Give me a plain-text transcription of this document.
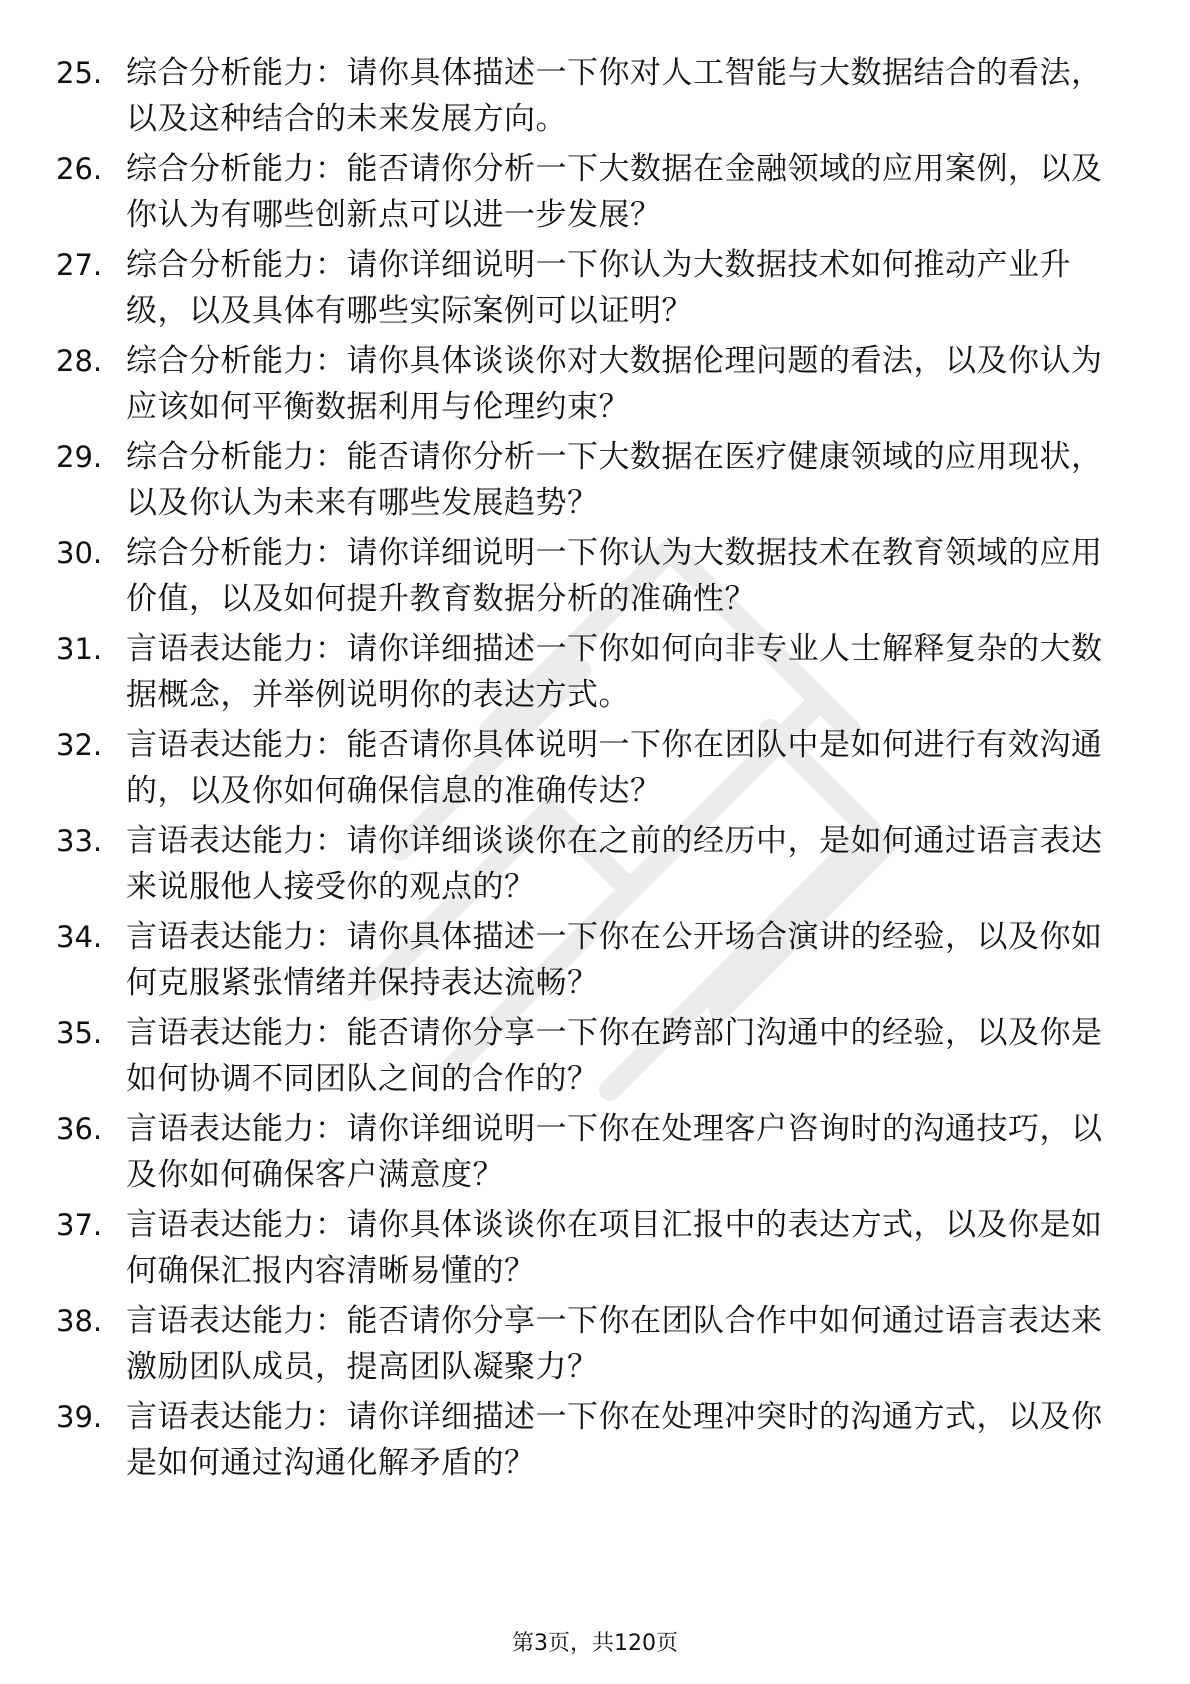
25. 综合分析能力：请你具体描述一下你对人工智能与大数据结合的看法，以及这种结合的未来发展方向。
26. 综合分析能力：能否请你分析一下大数据在金融领域的应用案例，以及你认为有哪些创新点可以进一步发展？
27. 综合分析能力：请你详细说明一下你认为大数据技术如何推动产业升级，以及具体有哪些实际案例可以证明？
28. 综合分析能力：请你具体谈谈你对大数据伦理问题的看法，以及你认为应该如何平衡数据利用与伦理约束？
29. 综合分析能力：能否请你分析一下大数据在医疗健康领域的应用现状，以及你认为未来有哪些发展趋势？
30. 综合分析能力：请你详细说明一下你认为大数据技术在教育领域的应用价值，以及如何提升教育数据分析的准确性？
31. 言语表达能力：请你详细描述一下你如何向非专业人士解释复杂的大数据概念，并举例说明你的表达方式。
32. 言语表达能力：能否请你具体说明一下你在团队中是如何进行有效沟通的，以及你如何确保信息的准确传达？
33. 言语表达能力：请你详细谈谈你在之前的经历中，是如何通过语言表达来说服他人接受你的观点的？
34. 言语表达能力：请你具体描述一下你在公开场合演讲的经验，以及你如何克服紧张情绪并保持表达流畅？
35. 言语表达能力：能否请你分享一下你在跨部门沟通中的经验，以及你是如何协调不同团队之间的合作的？
36. 言语表达能力：请你详细说明一下你在处理客户咨询时的沟通技巧，以及你如何确保客户满意度？
37. 言语表达能力：请你具体谈谈你在项目汇报中的表达方式，以及你是如何确保汇报内容清晰易懂的？
38. 言语表达能力：能否请你分享一下你在团队合作中如何通过语言表达来激励团队成员，提高团队凝聚力？
39. 言语表达能力：请你详细描述一下你在处理冲突时的沟通方式，以及你是如何通过沟通化解矛盾的？
第3页，共120页
